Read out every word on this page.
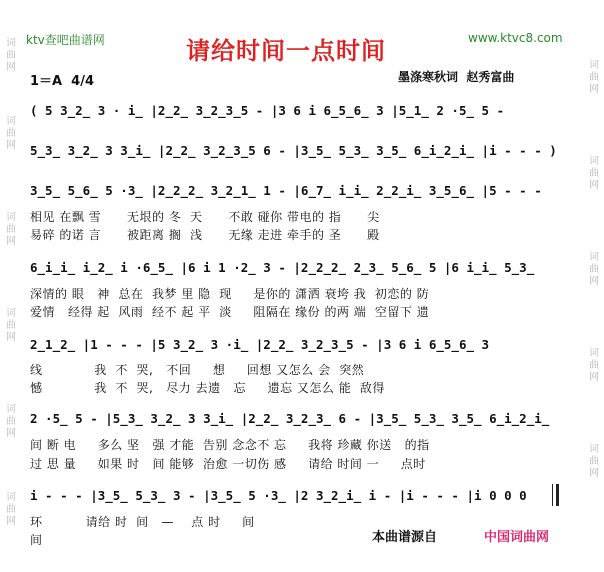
词
曲
网
词
曲
网
词
曲
网
词
曲
网
词
曲
网
词
曲
网
词
曲
网
词
曲
网
词
曲
网
词
曲
网
词
曲
网
ktv查吧曲谱网	请给时间一点时间	www.ktvc8.com
1＝A  4/4	墨涤寒秋词  赵秀富曲
( 5 3̲2̲ 3 · i̲ |2̲2̲ 3̲2̲3̲5 - |3 6 i 6̲5̲6̲ 3 |5̲1̲ 2 ·5̲ 5 -
5̲3̲ 3̲2̲ 3 3̲i̲ |2̲2̲ 3̲2̲3̲5 6 - |3̲5̲ 5̲3̲ 3̲5̲ 6̲i̲2̲i̲ |i - - - )
3̲5̲ 5̲6̲ 5 ·3̲ |2̲2̲2̲ 3̲2̲1̲ 1 - |6̲7̲ i̲i̲ 2̲2̲i̲ 3̲5̲6̲ |5 - - -
相见 在飘 雪      无垠的 冬  天      不敢 碰你 带电的 指      尖
易碎 的诺 言      被距离 搁  浅      无缘 走进 牵手的 圣      殿
6̲i̲i̲ i̲2̲ i ·6̲5̲ |6 i 1 ·2̲ 3 - |2̲2̲2̲ 2̲3̲ 5̲6̲ 5 |6 i̲i̲ 5̲3̲
深情的 眼   神  总在  我梦 里 隐  现     是你的 潇洒 衰垮 我  初恋的 防
爱情   经得 起  风雨  经不 起 平  淡     阻隔在 缘份 的两 端  空留下 遗
2̲1̲2̲ |1 - - - |5 3̲2̲ 3 ·i̲ |2̲2̲ 3̲2̲3̲5 - |3 6 i 6̲5̲6̲ 3
线            我  不  哭,   不回     想     回想 又怎么 会  突然
憾            我  不  哭,   尽力 去遗   忘     遗忘 又怎么 能  敌得
2 ·5̲ 5 - |5̲3̲ 3̲2̲ 3 3̲i̲ |2̲2̲ 3̲2̲3̲ 6 - |3̲5̲ 5̲3̲ 3̲5̲ 6̲i̲2̲i̲
间 断 电     多么 坚   强 才能  告别 念念不 忘     我将 珍藏 你送   的指
过 思 量     如果 时   间 能够  治愈 一切伤 感     请给 时间 一     点时
i - - - |3̲5̲ 5̲3̲ 3 - |3̲5̲ 5 ·3̲ |2 3̲2̲i̲ i - |i - - - |i 0 0 0
环          请给 时  间   —    点 时     间
间	本曲谱源自	中国词曲网
